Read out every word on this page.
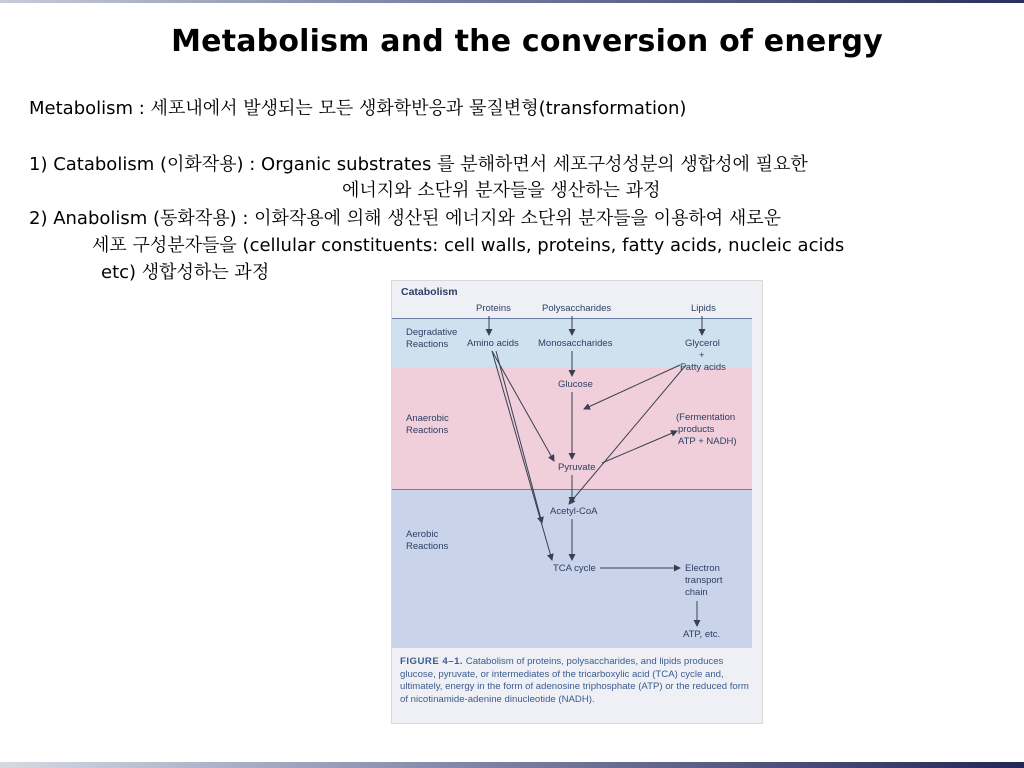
Metabolism and the conversion of energy
Metabolism : 세포내에서 발생되는 모든 생화학반응과 물질변형(transformation)
1) Catabolism (이화작용) : Organic substrates 를 분해하면서 세포구성성분의 생합성에 필요한
에너지와 소단위 분자들을 생산하는 과정
2) Anabolism (동화작용) : 이화작용에 의해 생산된 에너지와 소단위 분자들을 이용하여 새로운
세포 구성분자들을 (cellular constituents: cell walls, proteins, fatty acids, nucleic acids
etc) 생합성하는 과정
Catabolism
Proteins	Polysaccharides	Lipids
Degradative
Reactions Amino acids Monosaccharides	Glycerol
+
Fatty acids
Glucose
Anaerobic
Reactions
(Fermentation
products
ATP + NADH)
Pyruvate
Acetyl-CoA
Aerobic
Reactions
TCA cycle	Electron
transport
chain
ATP, etc.
FIGURE 4–1. Catabolism of proteins, polysaccharides, and lipids produces glucose, pyruvate, or intermediates of the tricarboxylic acid (TCA) cycle and, ultimately, energy in the form of adenosine triphosphate (ATP) or the reduced form of nicotinamide-adenine dinucleotide (NADH).
